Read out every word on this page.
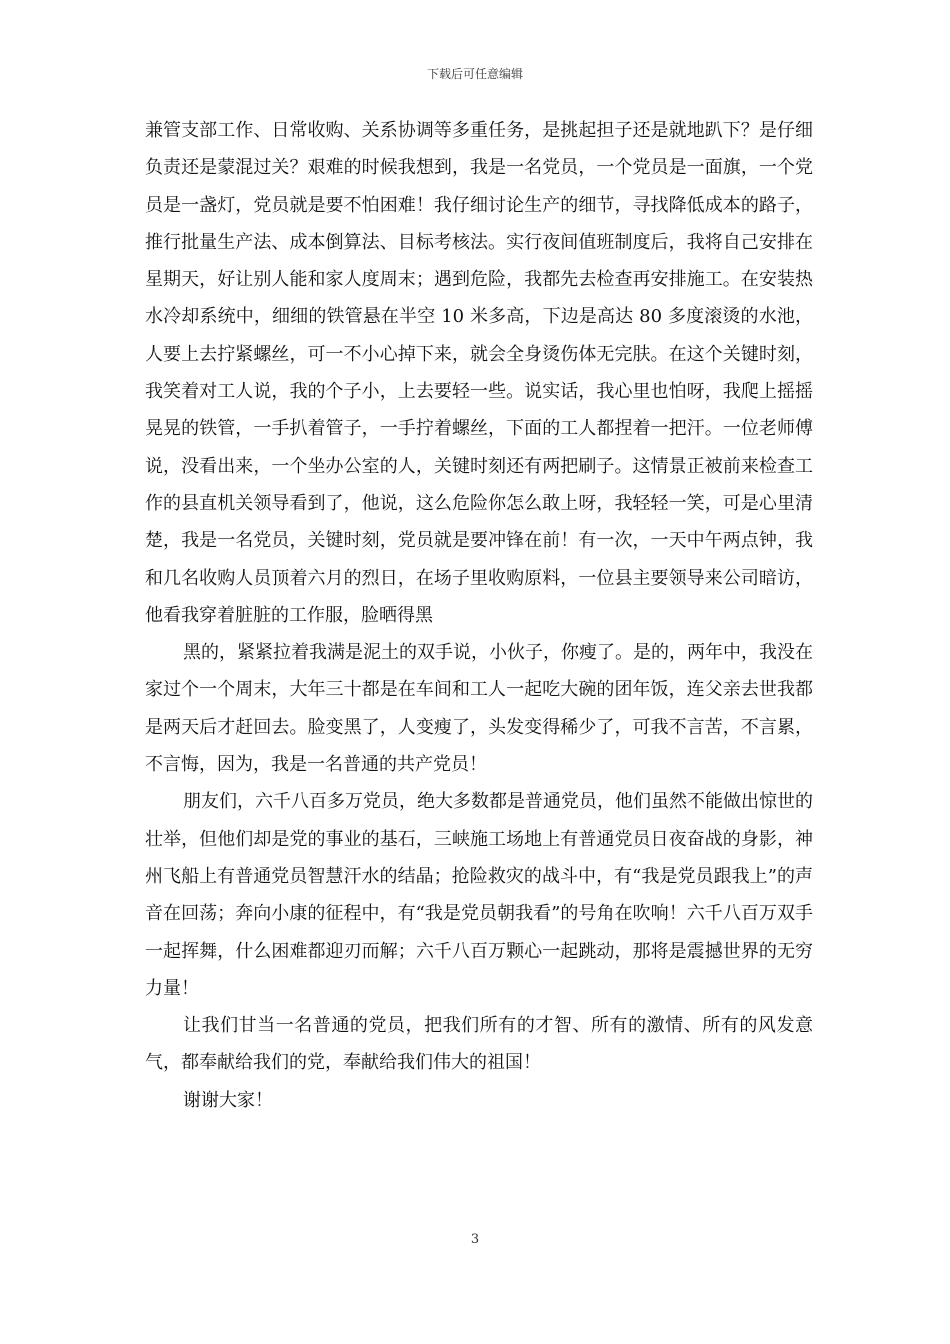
下载后可任意编辑

兼管支部工作、日常收购、关系协调等多重任务，是挑起担子还是就地趴下？是仔细负责还是蒙混过关？艰难的时候我想到，我是一名党员，一个党员是一面旗，一个党员是一盏灯，党员就是要不怕困难！我仔细讨论生产的细节，寻找降低成本的路子，推行批量生产法、成本倒算法、目标考核法。实行夜间值班制度后，我将自己安排在星期天，好让别人能和家人度周末；遇到危险，我都先去检查再安排施工。在安装热水冷却系统中，细细的铁管悬在半空 10 米多高，下边是高达 80 多度滚烫的水池，人要上去拧紧螺丝，可一不小心掉下来，就会全身烫伤体无完肤。在这个关键时刻，我笑着对工人说，我的个子小，上去要轻一些。说实话，我心里也怕呀，我爬上摇摇晃晃的铁管，一手扒着管子，一手拧着螺丝，下面的工人都捏着一把汗。一位老师傅说，没看出来，一个坐办公室的人，关键时刻还有两把刷子。这情景正被前来检查工作的县直机关领导看到了，他说，这么危险你怎么敢上呀，我轻轻一笑，可是心里清楚，我是一名党员，关键时刻，党员就是要冲锋在前！有一次，一天中午两点钟，我和几名收购人员顶着六月的烈日，在场子里收购原料，一位县主要领导来公司暗访，他看我穿着脏脏的工作服，脸晒得黑

黑的，紧紧拉着我满是泥土的双手说，小伙子，你瘦了。是的，两年中，我没在家过个一个周末，大年三十都是在车间和工人一起吃大碗的团年饭，连父亲去世我都是两天后才赶回去。脸变黑了，人变瘦了，头发变得稀少了，可我不言苦，不言累，不言悔，因为，我是一名普通的共产党员！

朋友们，六千八百多万党员，绝大多数都是普通党员，他们虽然不能做出惊世的壮举，但他们却是党的事业的基石，三峡施工场地上有普通党员日夜奋战的身影，神州飞船上有普通党员智慧汗水的结晶；抢险救灾的战斗中，有“我是党员跟我上”的声音在回荡；奔向小康的征程中，有“我是党员朝我看”的号角在吹响！六千八百万双手一起挥舞，什么困难都迎刃而解；六千八百万颗心一起跳动，那将是震撼世界的无穷力量！

让我们甘当一名普通的党员，把我们所有的才智、所有的激情、所有的风发意气，都奉献给我们的党，奉献给我们伟大的祖国！

谢谢大家！

3
